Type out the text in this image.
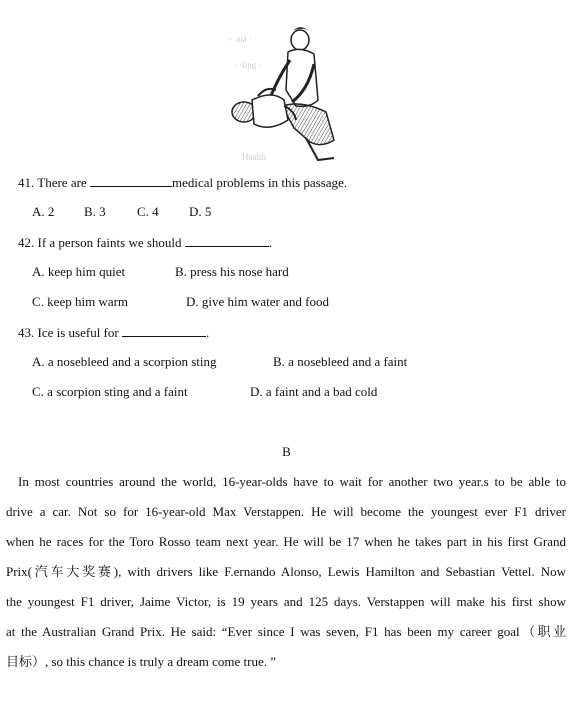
- ·aia ·
· ·ling ·
Health
41. There are	medical problems in this passage.
A. 2 B. 3 C. 4 D. 5
42. If a person faints we should	.
A. keep him quiet	B. press his nose hard
C. keep him warm	D. give him water and food
43. Ice is useful for	.
A. a nosebleed and a scorpion sting	B. a nosebleed and a faint
C. a scorpion sting and a faint	D. a faint and a bad cold
B
In most countries around the world, 16-year-olds have to wait for another two year.s to be able to
drive a car. Not so for 16-year-old Max Verstappen. He will become the youngest ever F1 driver
when he races for the Toro Rosso team next year. He will be 17 when he takes part in his first Grand
Prix(汽车大奖赛), with drivers like F.ernando Alonso, Lewis Hamilton and Sebastian Vettel. Now
the youngest F1 driver, Jaime Victor, is 19 years and 125 days. Verstappen will make his first show
at the Australian Grand Prix. He said: “Ever since I was seven, F1 has been my career goal（职业
目标）, so this chance is truly a dream come true. ”
